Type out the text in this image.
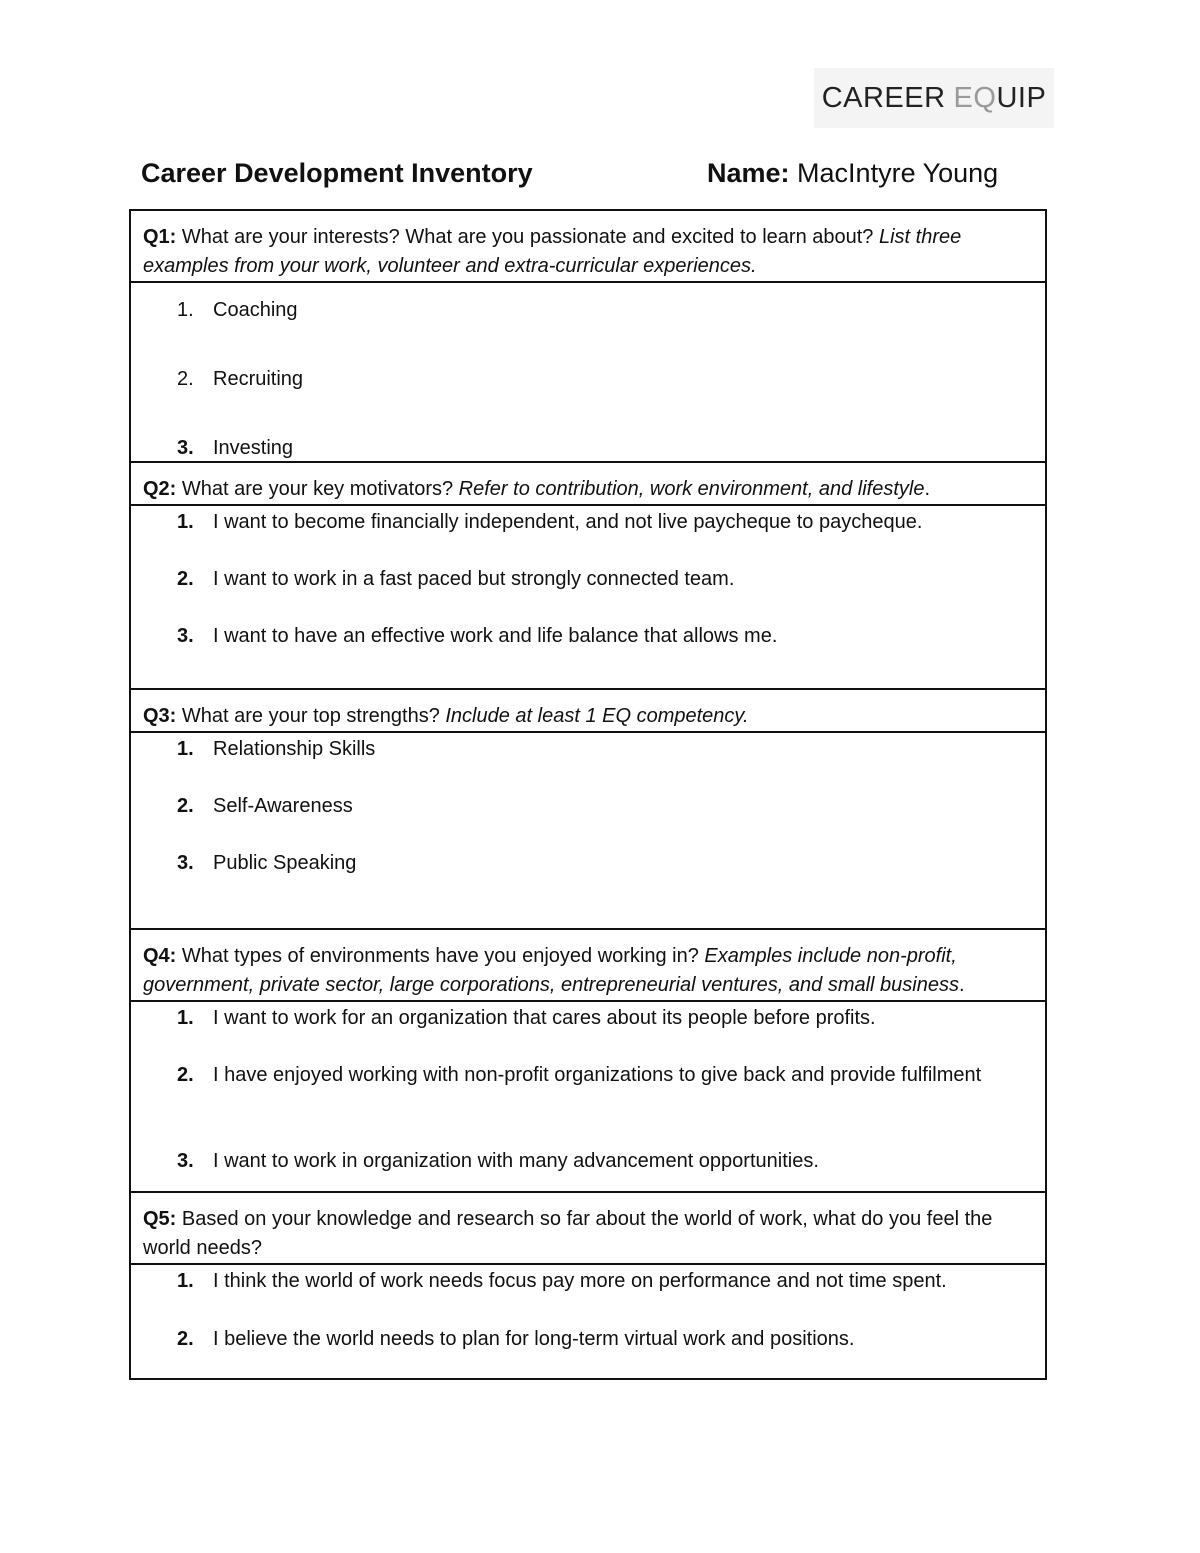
CAREER EQUIP
Career Development Inventory	Name: MacIntyre Young
Q1: What are your interests? What are you passionate and excited to learn about? List three examples from your work, volunteer and extra-curricular experiences.
1. Coaching
2. Recruiting
3. Investing
Q2: What are your key motivators? Refer to contribution, work environment, and lifestyle.
1. I want to become financially independent, and not live paycheque to paycheque.
2. I want to work in a fast paced but strongly connected team.
3. I want to have an effective work and life balance that allows me.
Q3: What are your top strengths? Include at least 1 EQ competency.
1. Relationship Skills
2. Self-Awareness
3. Public Speaking
Q4: What types of environments have you enjoyed working in? Examples include non-profit, government, private sector, large corporations, entrepreneurial ventures, and small business.
1. I want to work for an organization that cares about its people before profits.
2. I have enjoyed working with non-profit organizations to give back and provide fulfilment
3. I want to work in organization with many advancement opportunities.
Q5: Based on your knowledge and research so far about the world of work, what do you feel the world needs?
1. I think the world of work needs focus pay more on performance and not time spent.
2. I believe the world needs to plan for long-term virtual work and positions.
